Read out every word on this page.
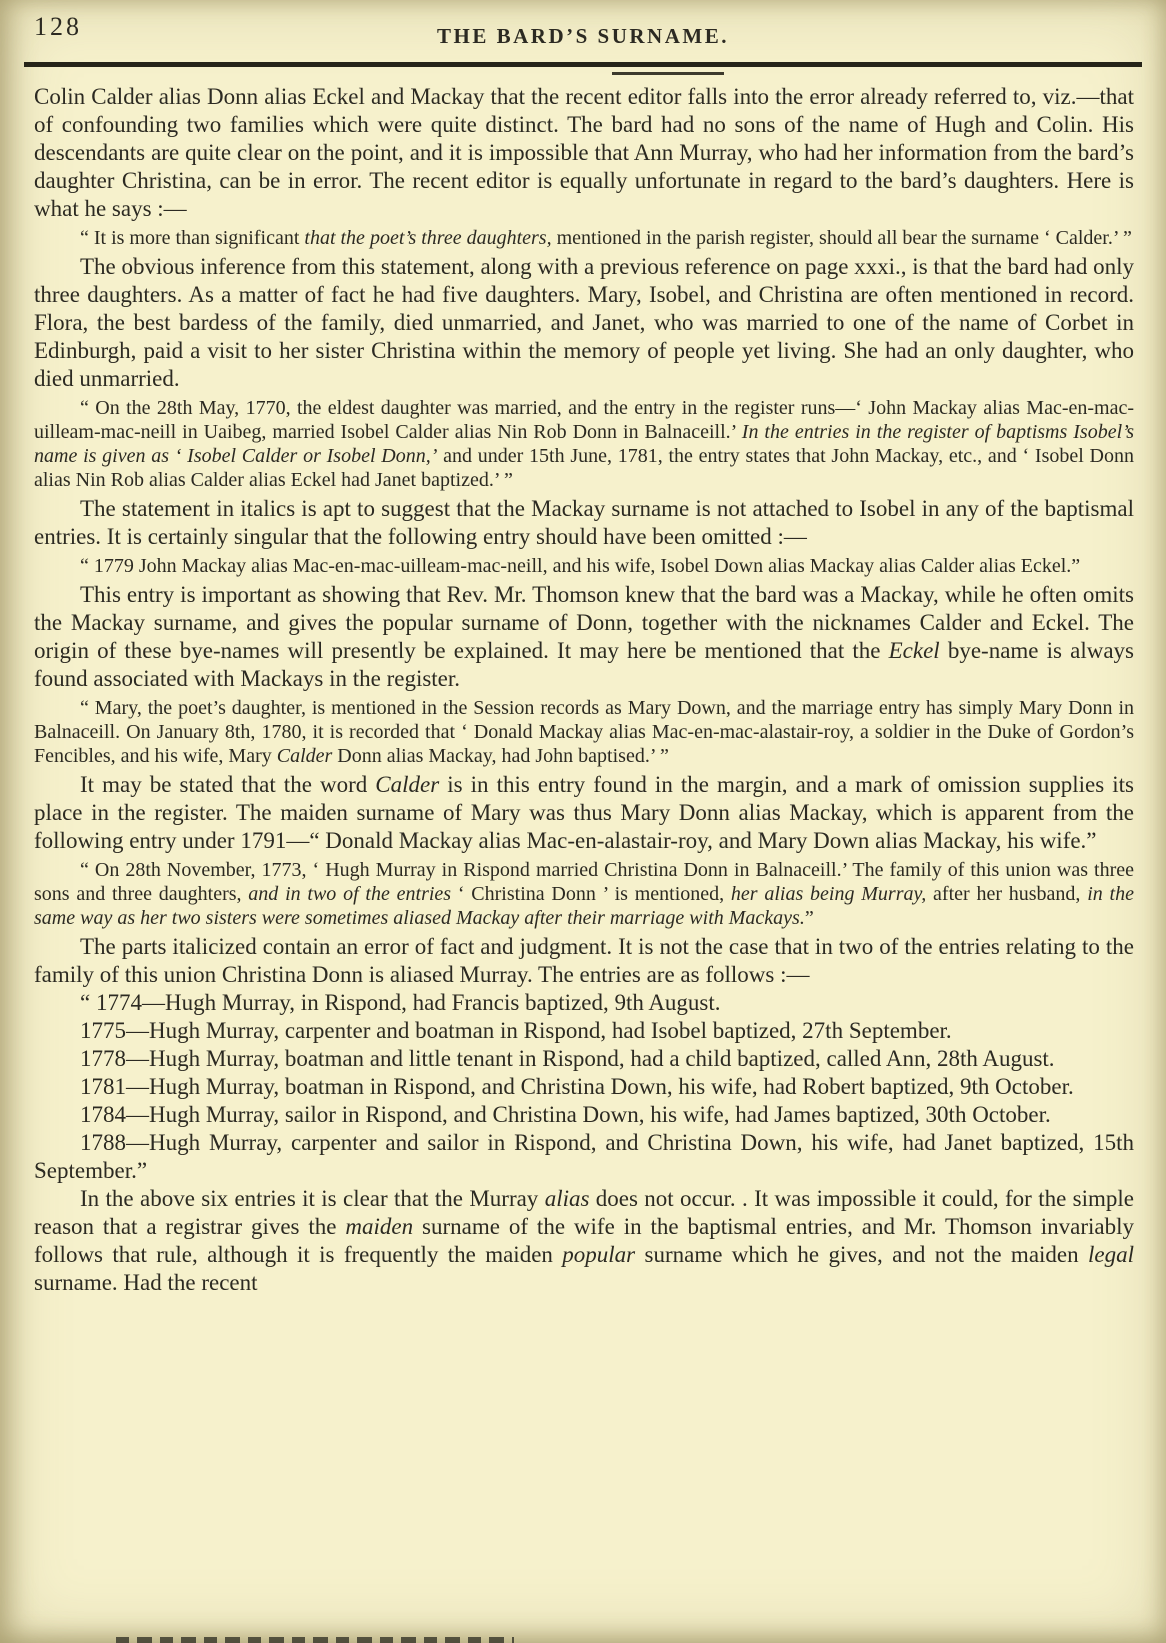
128	THE BARD’S SURNAME.

Colin Calder alias Donn alias Eckel and Mackay that the recent editor falls into the error already referred to, viz.—that of confounding two families which were quite distinct. The bard had no sons of the name of Hugh and Colin. His descendants are quite clear on the point, and it is impossible that Ann Murray, who had her information from the bard’s daughter Christina, can be in error. The recent editor is equally unfortunate in regard to the bard’s daughters. Here is what he says :—

“ It is more than significant that the poet’s three daughters, mentioned in the parish register, should all bear the surname ‘ Calder.’ ”

The obvious inference from this statement, along with a previous reference on page xxxi., is that the bard had only three daughters. As a matter of fact he had five daughters. Mary, Isobel, and Christina are often mentioned in record. Flora, the best bardess of the family, died unmarried, and Janet, who was married to one of the name of Corbet in Edinburgh, paid a visit to her sister Christina within the memory of people yet living. She had an only daughter, who died unmarried.

“ On the 28th May, 1770, the eldest daughter was married, and the entry in the register runs—‘ John Mackay alias Mac-en-mac-uilleam-mac-neill in Uaibeg, married Isobel Calder alias Nin Rob Donn in Balnaceill.’ In the entries in the register of baptisms Isobel’s name is given as ‘ Isobel Calder or Isobel Donn,’ and under 15th June, 1781, the entry states that John Mackay, etc., and ‘ Isobel Donn alias Nin Rob alias Calder alias Eckel had Janet baptized.’ ”

The statement in italics is apt to suggest that the Mackay surname is not attached to Isobel in any of the baptismal entries. It is certainly singular that the following entry should have been omitted :—

“ 1779 John Mackay alias Mac-en-mac-uilleam-mac-neill, and his wife, Isobel Down alias Mackay alias Calder alias Eckel.”

This entry is important as showing that Rev. Mr. Thomson knew that the bard was a Mackay, while he often omits the Mackay surname, and gives the popular surname of Donn, together with the nicknames Calder and Eckel. The origin of these bye-names will presently be explained. It may here be mentioned that the Eckel bye-name is always found associated with Mackays in the register.

“ Mary, the poet’s daughter, is mentioned in the Session records as Mary Down, and the marriage entry has simply Mary Donn in Balnaceill. On January 8th, 1780, it is recorded that ‘ Donald Mackay alias Mac-en-mac-alastair-roy, a soldier in the Duke of Gordon’s Fencibles, and his wife, Mary Calder Donn alias Mackay, had John baptised.’ ”

It may be stated that the word Calder is in this entry found in the margin, and a mark of omission supplies its place in the register. The maiden surname of Mary was thus Mary Donn alias Mackay, which is apparent from the following entry under 1791—“ Donald Mackay alias Mac-en-alastair-roy, and Mary Down alias Mackay, his wife.”

“ On 28th November, 1773, ‘ Hugh Murray in Rispond married Christina Donn in Balnaceill.’ The family of this union was three sons and three daughters, and in two of the entries ‘ Christina Donn ’ is mentioned, her alias being Murray, after her husband, in the same way as her two sisters were sometimes aliased Mackay after their marriage with Mackays.”

The parts italicized contain an error of fact and judgment. It is not the case that in two of the entries relating to the family of this union Christina Donn is aliased Murray. The entries are as follows :—

“ 1774—Hugh Murray, in Rispond, had Francis baptized, 9th August.

1775—Hugh Murray, carpenter and boatman in Rispond, had Isobel baptized, 27th September.

1778—Hugh Murray, boatman and little tenant in Rispond, had a child baptized, called Ann, 28th August.

1781—Hugh Murray, boatman in Rispond, and Christina Down, his wife, had Robert baptized, 9th October.

1784—Hugh Murray, sailor in Rispond, and Christina Down, his wife, had James baptized, 30th October.

1788—Hugh Murray, carpenter and sailor in Rispond, and Christina Down, his wife, had Janet baptized, 15th September.”

In the above six entries it is clear that the Murray alias does not occur. . It was impossible it could, for the simple reason that a registrar gives the maiden surname of the wife in the baptismal entries, and Mr. Thomson invariably follows that rule, although it is frequently the maiden popular surname which he gives, and not the maiden legal surname. Had the recent
